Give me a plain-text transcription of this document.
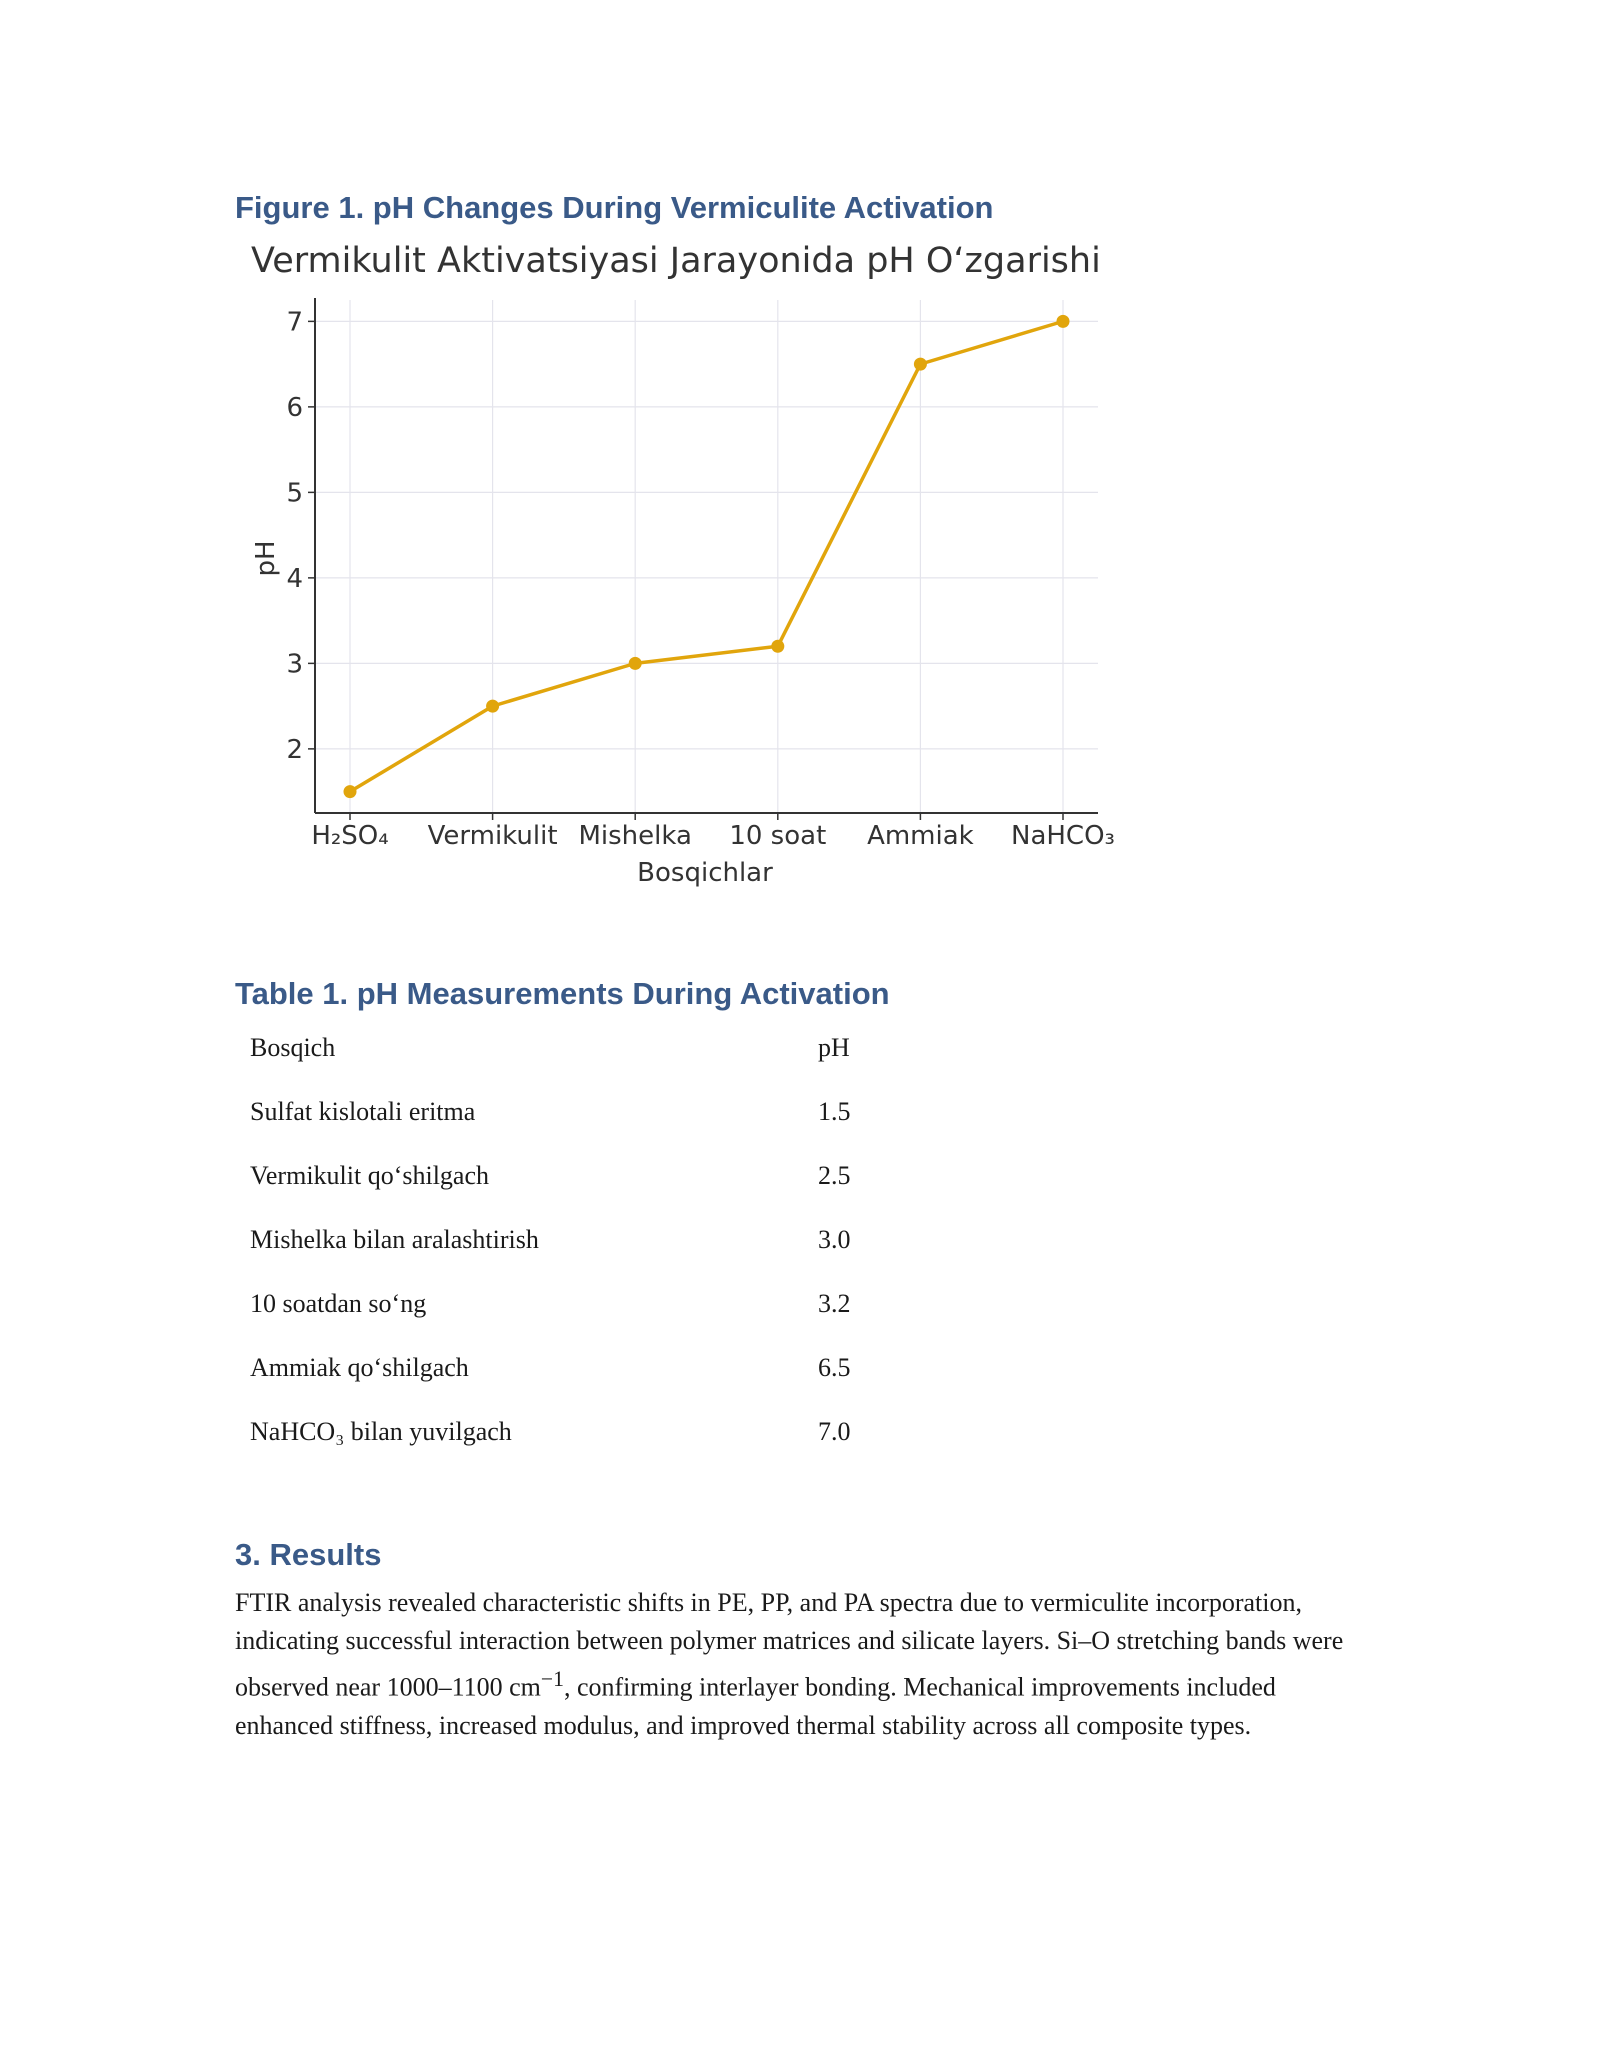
Figure 1. pH Changes During Vermiculite Activation
2
3
4
5
6
7
H₂SO₄ Vermikulit Mishelka 10 soat Ammiak NaHCO₃
Vermikulit Aktivatsiyasi Jarayonida pH O‘zgarishi
Bosqichlar
pH
Table 1. pH Measurements During Activation
Bosqich	pH
Sulfat kislotali eritma	1.5
Vermikulit qo‘shilgach	2.5
Mishelka bilan aralashtirish	3.0
10 soatdan so‘ng	3.2
Ammiak qo‘shilgach	6.5
NaHCO₃ bilan yuvilgach	7.0
3. Results

FTIR analysis revealed characteristic shifts in PE, PP, and PA spectra due to vermiculite incorporation, indicating successful interaction between polymer matrices and silicate layers. Si–O stretching bands were observed near 1000–1100 $cm^{-1}$, confirming interlayer bonding. Mechanical improvements included enhanced stiffness, increased modulus, and improved thermal stability across all composite types.
